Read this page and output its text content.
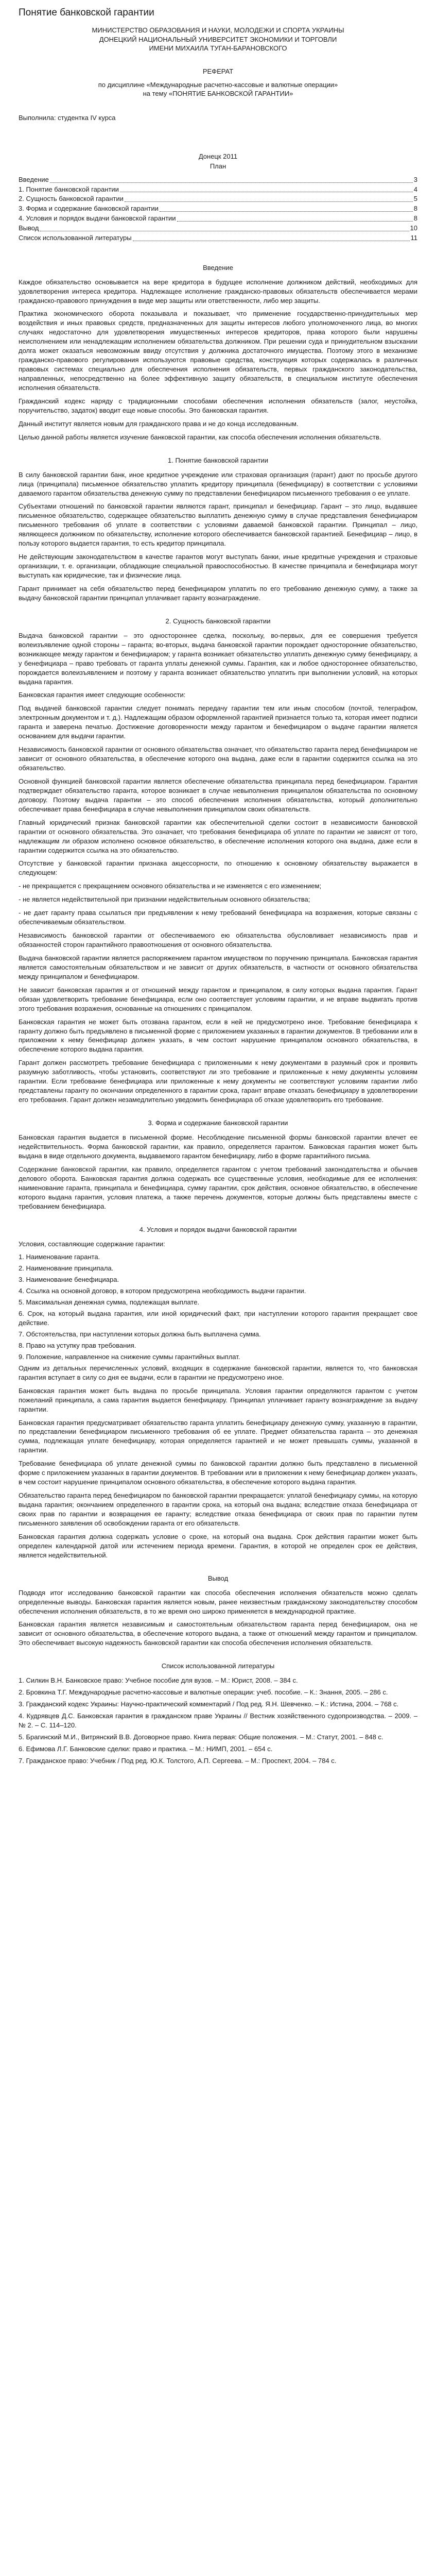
Понятие банковской гарантии
МИНИСТЕРСТВО ОБРАЗОВАНИЯ И НАУКИ, МОЛОДЕЖИ И СПОРТА УКРАИНЫ
ДОНЕЦКИЙ НАЦИОНАЛЬНЫЙ УНИВЕРСИТЕТ ЭКОНОМИКИ И ТОРГОВЛИ
ИМЕНИ МИХАИЛА ТУГАН-БАРАНОВСКОГО
РЕФЕРАТ
по дисциплине «Международные расчетно-кассовые и валютные операции»
на тему «ПОНЯТИЕ БАНКОВСКОЙ ГАРАНТИИ»
Выполнила: студентка IV курса
Донецк 2011
План
Введение	3
1. Понятие банковской гарантии	4
2. Сущность банковской гарантии	5
3. Форма и содержание банковской гарантии	8
4. Условия и порядок выдачи банковской гарантии	8
Вывод	10
Список использованной литературы	11
Введение

Каждое обязательство основывается на вере кредитора в будущее исполнение должником действий, необходимых для удовлетворения интереса кредитора. Надлежащее исполнение гражданско-правовых обязательств обеспечивается мерами гражданско-правового принуждения в виде мер защиты или ответственности, либо мер защиты.

Практика экономического оборота показывала и показывает, что применение государственно-принудительных мер воздействия и иных правовых средств, предназначенных для защиты интересов любого уполномоченного лица, во многих случаях недостаточно для удовлетворения имущественных интересов кредиторов, права которого были нарушены неисполнением или ненадлежащим исполнением обязательства должником. При решении суда и принудительном взыскании долга может оказаться невозможным ввиду отсутствия у должника достаточного имущества. Поэтому этого в механизме гражданско-правового регулирования используются правовые средства, конструкция которых содержалась в различных правовых системах специально для обеспечения исполнения обязательств, первых гражданского законодательства, направленных, непосредственно на более эффективную защиту обязательств, в специальном институте обеспечения исполнения обязательств.

Гражданский кодекс наряду с традиционными способами обеспечения исполнения обязательств (залог, неустойка, поручительство, задаток) вводит еще новые способы. Это банковская гарантия.

Данный институт является новым для гражданского права и не до конца исследованным.

Целью данной работы является изучение банковской гарантии, как способа обеспечения исполнения обязательств.

1. Понятие банковской гарантии

В силу банковской гарантии банк, иное кредитное учреждение или страховая организация (гарант) дают по просьбе другого лица (принципала) письменное обязательство уплатить кредитору принципала (бенефициару) в соответствии с условиями даваемого гарантом обязательства денежную сумму по представлении бенефициаром письменного требования о ее уплате.

Субъектами отношений по банковской гарантии являются гарант, принципал и бенефициар. Гарант – это лицо, выдавшее письменное обязательство, содержащее обязательство выплатить денежную сумму в случае представления бенефициаром письменного требования об уплате в соответствии с условиями даваемой банковской гарантии. Принципал – лицо, являющееся должником по обязательству, исполнение которого обеспечивается банковской гарантией. Бенефициар – лицо, в пользу которого выдается гарантия, то есть кредитор принципала.

Не действующим законодательством в качестве гарантов могут выступать банки, иные кредитные учреждения и страховые организации, т. е. организации, обладающие специальной правоспособностью. В качестве принципала и бенефициара могут выступать как юридические, так и физические лица.

Гарант принимает на себя обязательство перед бенефициаром уплатить по его требованию денежную сумму, а также за выдачу банковской гарантии принципал уплачивает гаранту вознаграждение.

2. Сущность банковской гарантии

Выдача банковской гарантии – это одностороннее сделка, поскольку, во-первых, для ее совершения требуется волеизъявление одной стороны – гаранта; во-вторых, выдача банковской гарантии порождает односторонние обязательство, возникающее между гарантом и бенефициаром; у гаранта возникает обязательство уплатить денежную сумму бенефициару, а у бенефициара – право требовать от гаранта уплаты денежной суммы. Гарантия, как и любое одностороннее обязательство, порождается волеизъявлением и поэтому у гаранта возникает обязательство уплатить при выполнении условий, на которых выдана гарантия.

Банковская гарантия имеет следующие особенности:

Под выдачей банковской гарантии следует понимать передачу гарантии тем или иным способом (почтой, телеграфом, электронным документом и т. д.). Надлежащим образом оформленной гарантией признается только та, которая имеет подписи гаранта и заверена печатью. Достижение договоренности между гарантом и бенефициаром о выдаче гарантии является основанием для выдачи гарантии.

Независимость банковской гарантии от основного обязательства означает, что обязательство гаранта перед бенефициаром не зависит от основного обязательства, в обеспечение которого она выдана, даже если в гарантии содержится ссылка на это обязательство.

Основной функцией банковской гарантии является обеспечение обязательства принципала перед бенефициаром. Гарантия подтверждает обязательство гаранта, которое возникает в случае невыполнения принципалом обязательства по основному договору. Поэтому выдача гарантии – это способ обеспечения исполнения обязательства, который дополнительно обеспечивает права бенефициара в случае невыполнения принципалом своих обязательств.

Главный юридический признак банковской гарантии как обеспечительной сделки состоит в независимости банковской гарантии от основного обязательства. Это означает, что требования бенефициара об уплате по гарантии не зависят от того, надлежащим ли образом исполнено основное обязательство, в обеспечение исполнения которого она выдана, даже если в гарантии содержится ссылка на это обязательство.

Отсутствие у банковской гарантии признака акцессорности, по отношению к основному обязательству выражается в следующем:

- не прекращается с прекращением основного обязательства и не изменяется с его изменением;

- не является недействительной при признании недействительным основного обязательства;

- не дает гаранту права ссылаться при предъявлении к нему требований бенефициара на возражения, которые связаны с обеспечиваемым обязательством.

Независимость банковской гарантии от обеспечиваемого ею обязательства обусловливает независимость прав и обязанностей сторон гарантийного правоотношения от основного обязательства.

Выдача банковской гарантии является распоряжением гарантом имуществом по поручению принципала. Банковская гарантия является самостоятельным обязательством и не зависит от других обязательств, в частности от основного обязательства между принципалом и бенефициаром.

Не зависит банковская гарантия и от отношений между гарантом и принципалом, в силу которых выдана гарантия. Гарант обязан удовлетворить требование бенефициара, если оно соответствует условиям гарантии, и не вправе выдвигать против этого требования возражения, основанные на отношениях с принципалом.

Банковская гарантия не может быть отозвана гарантом, если в ней не предусмотрено иное. Требование бенефициара к гаранту должно быть предъявлено в письменной форме с приложением указанных в гарантии документов. В требовании или в приложении к нему бенефициар должен указать, в чем состоит нарушение принципалом основного обязательства, в обеспечение которого выдана гарантия.

Гарант должен рассмотреть требование бенефициара с приложенными к нему документами в разумный срок и проявить разумную заботливость, чтобы установить, соответствуют ли это требование и приложенные к нему документы условиям гарантии. Если требование бенефициара или приложенные к нему документы не соответствуют условиям гарантии либо представлены гаранту по окончании определенного в гарантии срока, гарант вправе отказать бенефициару в удовлетворении его требования. Гарант должен незамедлительно уведомить бенефициара об отказе удовлетворить его требование.

3. Форма и содержание банковской гарантии

Банковская гарантия выдается в письменной форме. Несоблюдение письменной формы банковской гарантии влечет ее недействительность. Форма банковской гарантии, как правило, определяется гарантом. Банковская гарантия может быть выдана в виде отдельного документа, выдаваемого гарантом бенефициару, либо в форме гарантийного письма.

Содержание банковской гарантии, как правило, определяется гарантом с учетом требований законодательства и обычаев делового оборота. Банковская гарантия должна содержать все существенные условия, необходимые для ее исполнения: наименование гаранта, принципала и бенефициара, сумму гарантии, срок действия, основное обязательство, в обеспечение которого выдана гарантия, условия платежа, а также перечень документов, которые должны быть представлены вместе с требованием бенефициара.

4. Условия и порядок выдачи банковской гарантии

Условия, составляющие содержание гарантии:

1. Наименование гаранта.

2. Наименование принципала.

3. Наименование бенефициара.

4. Ссылка на основной договор, в котором предусмотрена необходимость выдачи гарантии.

5. Максимальная денежная сумма, подлежащая выплате.

6. Срок, на который выдана гарантия, или иной юридический факт, при наступлении которого гарантия прекращает свое действие.

7. Обстоятельства, при наступлении которых должна быть выплачена сумма.

8. Право на уступку прав требования.

9. Положение, направленное на снижение суммы гарантийных выплат.

Одним из детальных перечисленных условий, входящих в содержание банковской гарантии, является то, что банковская гарантия вступает в силу со дня ее выдачи, если в гарантии не предусмотрено иное.

Банковская гарантия может быть выдана по просьбе принципала. Условия гарантии определяются гарантом с учетом пожеланий принципала, а сама гарантия выдается бенефициару. Принципал уплачивает гаранту вознаграждение за выдачу гарантии.

Банковская гарантия предусматривает обязательство гаранта уплатить бенефициару денежную сумму, указанную в гарантии, по представлении бенефициаром письменного требования об ее уплате. Предмет обязательства гаранта – это денежная сумма, подлежащая уплате бенефициару, которая определяется гарантией и не может превышать суммы, указанной в гарантии.

Требование бенефициара об уплате денежной суммы по банковской гарантии должно быть представлено в письменной форме с приложением указанных в гарантии документов. В требовании или в приложении к нему бенефициар должен указать, в чем состоит нарушение принципалом основного обязательства, в обеспечение которого выдана гарантия.

Обязательство гаранта перед бенефициаром по банковской гарантии прекращается: уплатой бенефициару суммы, на которую выдана гарантия; окончанием определенного в гарантии срока, на который она выдана; вследствие отказа бенефициара от своих прав по гарантии и возвращения ее гаранту; вследствие отказа бенефициара от своих прав по гарантии путем письменного заявления об освобождении гаранта от его обязательств.

Банковская гарантия должна содержать условие о сроке, на который она выдана. Срок действия гарантии может быть определен календарной датой или истечением периода времени. Гарантия, в которой не определен срок ее действия, является недействительной.

Вывод

Подводя итог исследованию банковской гарантии как способа обеспечения исполнения обязательств можно сделать определенные выводы. Банковская гарантия является новым, ранее неизвестным гражданскому законодательству способом обеспечения исполнения обязательств, в то же время оно широко применяется в международной практике.

Банковская гарантия является независимым и самостоятельным обязательством гаранта перед бенефициаром, она не зависит от основного обязательства, в обеспечение которого выдана, а также от отношений между гарантом и принципалом. Это обеспечивает высокую надежность банковской гарантии как способа обеспечения исполнения обязательств.

Список использованной литературы

1. Силкин В.Н. Банковское право: Учебное пособие для вузов. – М.: Юрист, 2008. – 384 с.

2. Бровкина Т.Г. Международные расчетно-кассовые и валютные операции: учеб. пособие. – К.: Знання, 2005. – 286 с.

3. Гражданский кодекс Украины: Научно-практический комментарий / Под ред. Я.Н. Шевченко. – К.: Истина, 2004. – 768 с.

4. Кудрявцев Д.С. Банковская гарантия в гражданском праве Украины // Вестник хозяйственного судопроизводства. – 2009. – № 2. – С. 114–120.

5. Брагинский М.И., Витрянский В.В. Договорное право. Книга первая: Общие положения. – М.: Статут, 2001. – 848 с.

6. Ефимова Л.Г. Банковские сделки: право и практика. – М.: НИМП, 2001. – 654 с.

7. Гражданское право: Учебник / Под ред. Ю.К. Толстого, А.П. Сергеева. – М.: Проспект, 2004. – 784 с.
